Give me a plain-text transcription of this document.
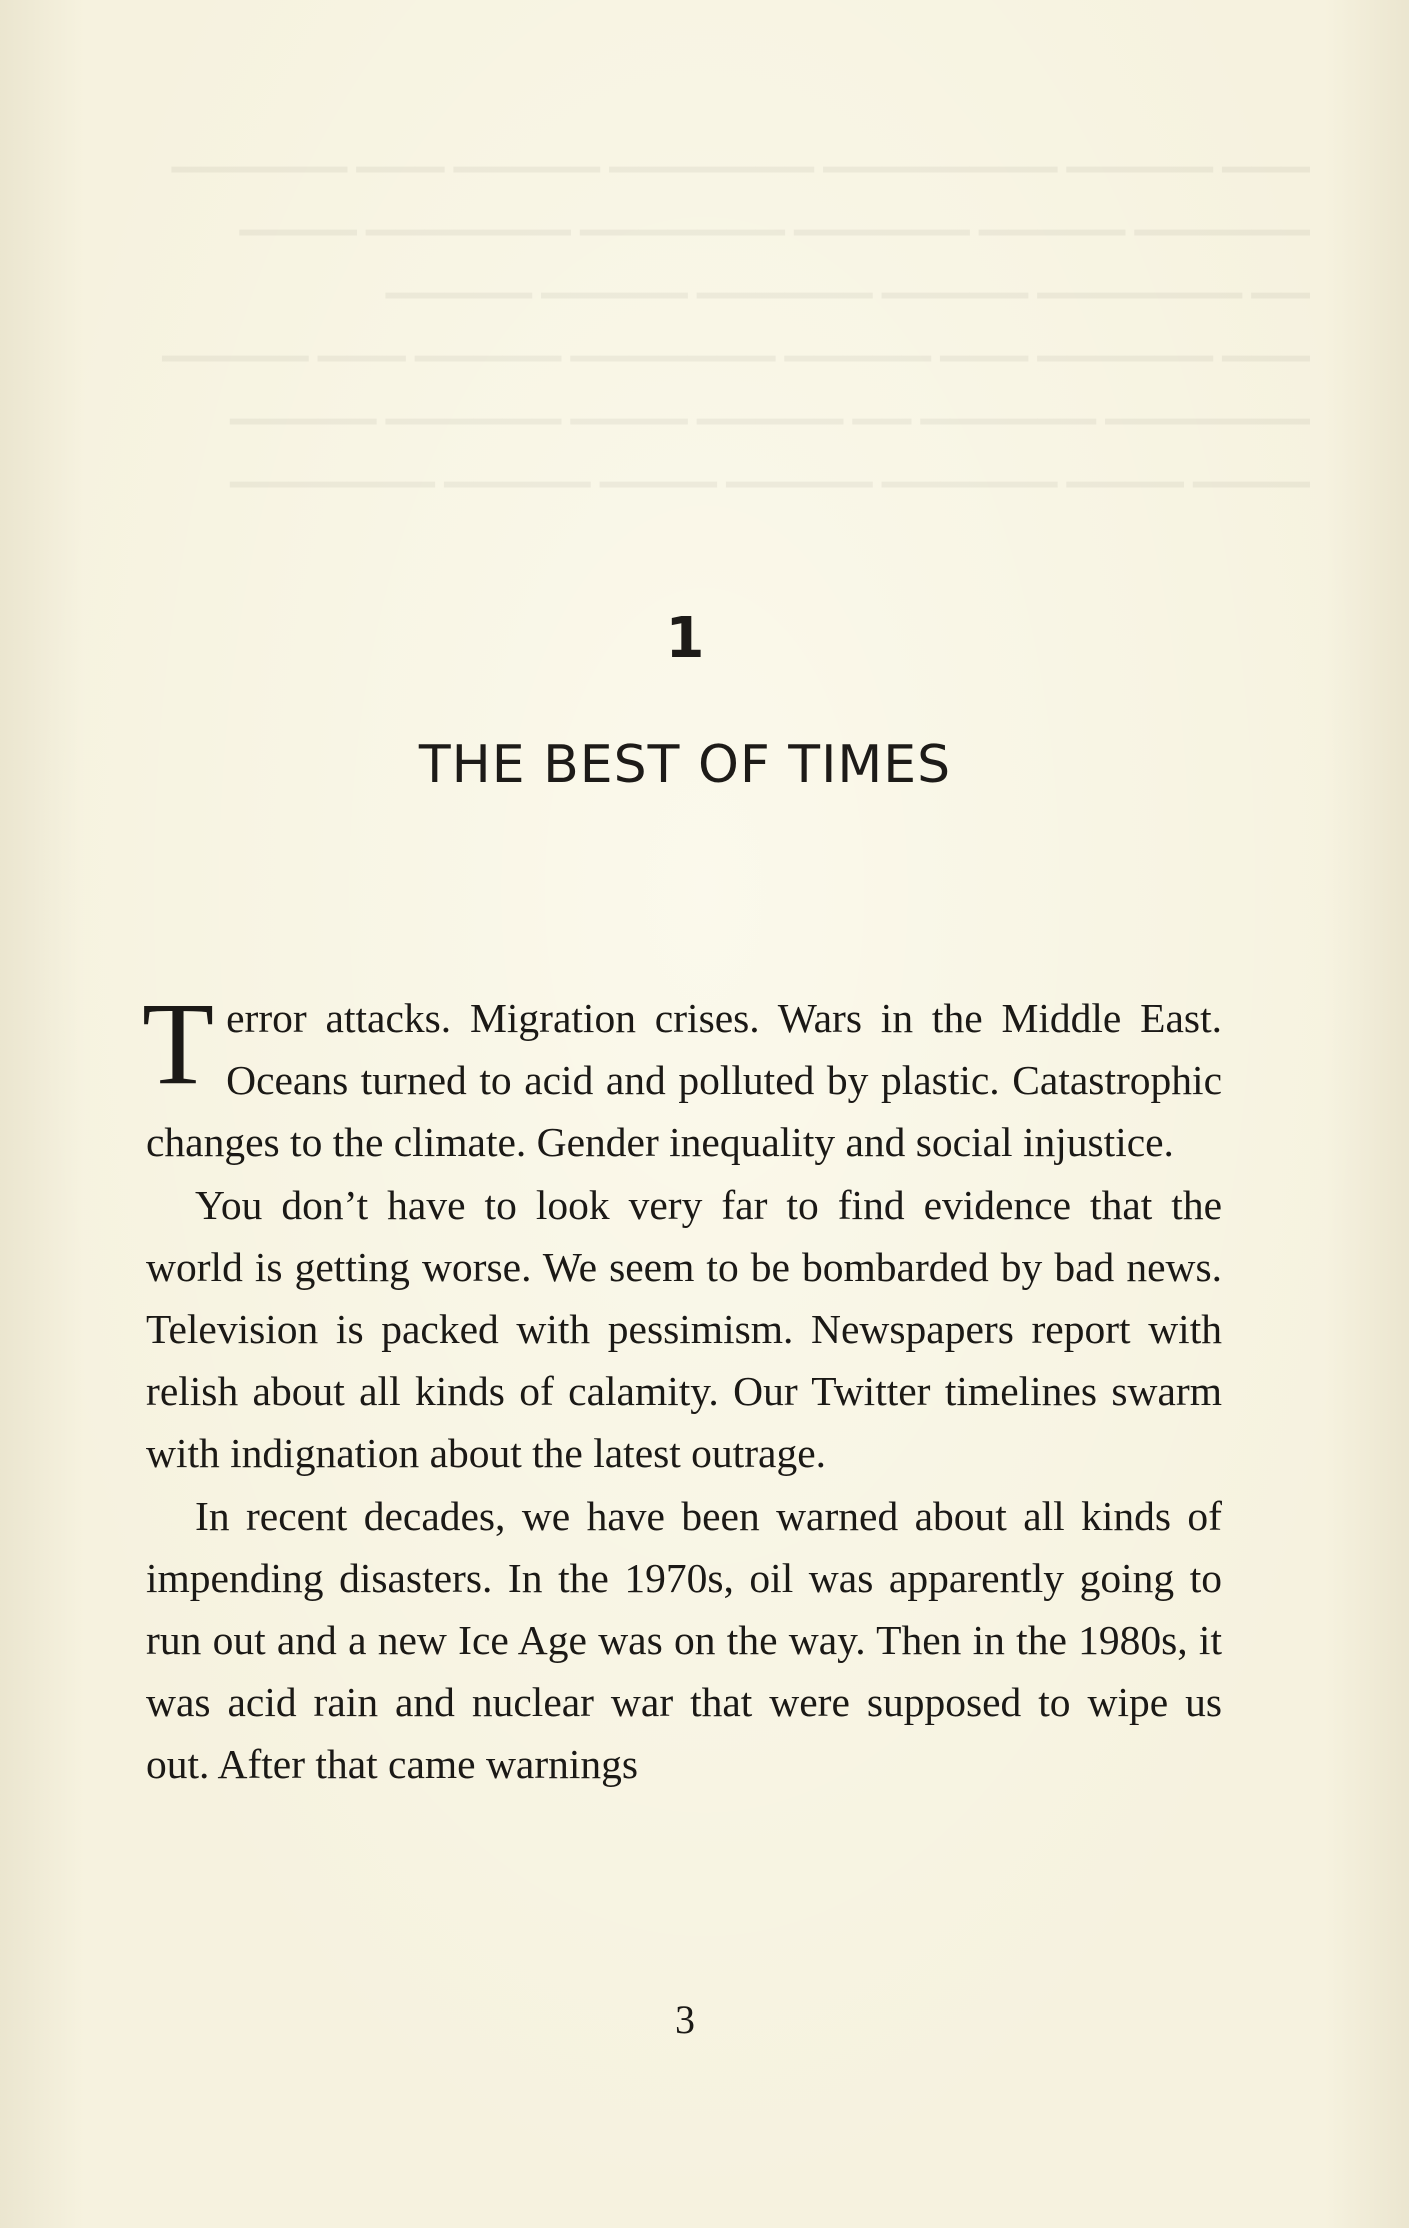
▁▁▁ ▁▁▁▁▁ ▁▁▁▁▁▁▁▁ ▁▁▁▁▁▁▁ ▁▁▁▁▁ ▁▁▁ ▁▁▁▁▁▁
▁▁▁▁▁▁ ▁▁▁▁▁ ▁▁▁▁▁▁ ▁▁▁▁▁▁▁ ▁▁▁▁▁▁▁ ▁▁▁▁
▁▁ ▁▁▁▁▁▁▁ ▁▁▁▁▁ ▁▁▁▁▁▁ ▁▁▁▁▁ ▁▁▁▁▁
▁▁▁ ▁▁▁▁▁▁ ▁▁▁ ▁▁▁▁▁ ▁▁▁▁▁▁▁ ▁▁▁▁▁ ▁▁▁ ▁▁▁▁▁
▁▁▁▁▁▁▁ ▁▁▁▁▁▁ ▁▁ ▁▁▁▁▁ ▁▁▁▁ ▁▁▁▁▁▁ ▁▁▁▁▁
▁▁▁▁ ▁▁▁▁ ▁▁▁▁▁▁ ▁▁▁▁▁ ▁▁▁▁ ▁▁▁▁▁ ▁▁▁▁▁▁▁
1
THE BEST OF TIMES

Terror attacks. Migration crises. Wars in the Middle East. Oceans turned to acid and polluted by plastic. Catastrophic changes to the climate. Gender inequality and social injustice.

You don’t have to look very far to find evidence that the world is getting worse. We seem to be bombarded by bad news. Television is packed with pessimism. Newspapers report with relish about all kinds of calamity. Our Twitter timelines swarm with indignation about the latest outrage.

In recent decades, we have been warned about all kinds of impending disasters. In the 1970s, oil was apparently going to run out and a new Ice Age was on the way. Then in the 1980s, it was acid rain and nuclear war that were supposed to wipe us out. After that came warnings

3
